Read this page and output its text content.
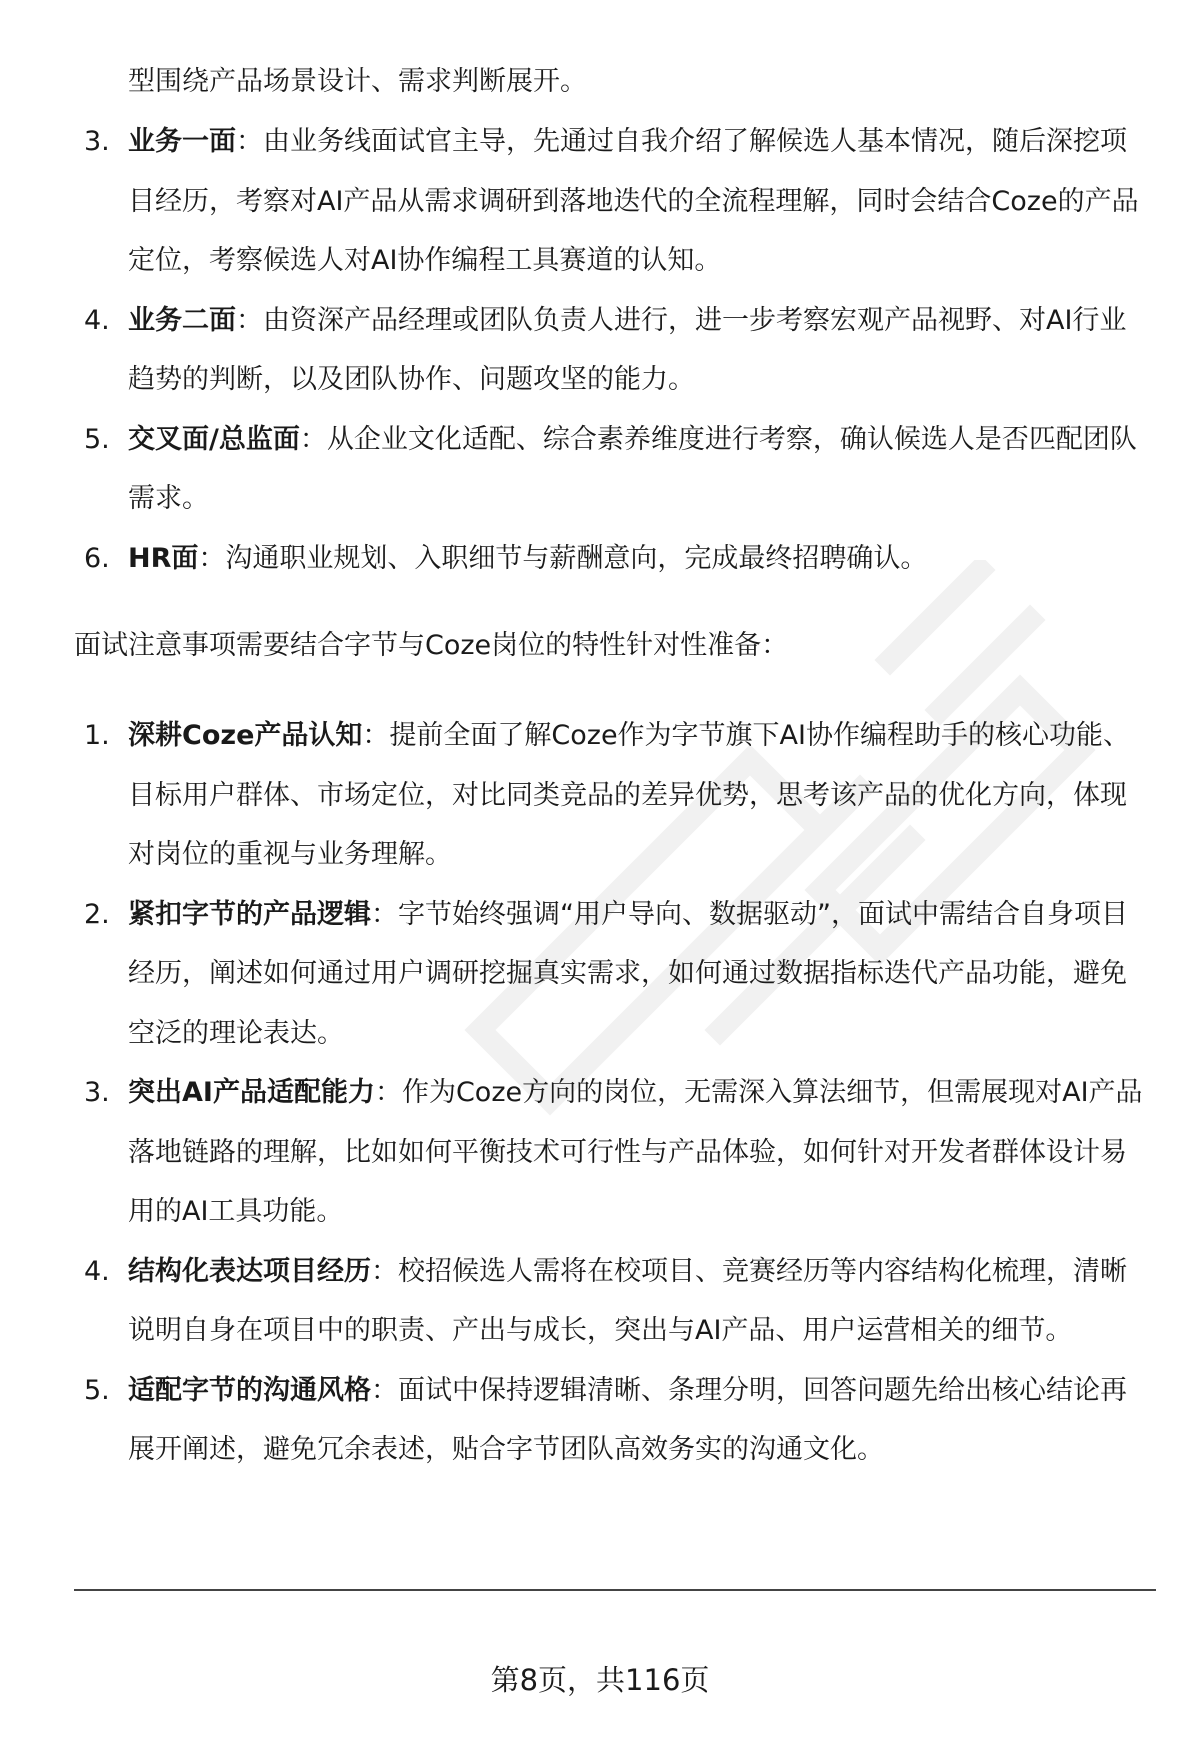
型围绕产品场景设计、需求判断展开。
3. 业务一面：由业务线面试官主导，先通过自我介绍了解候选人基本情况，随后深挖项目经历，考察对AI产品从需求调研到落地迭代的全流程理解，同时会结合Coze的产品定位，考察候选人对AI协作编程工具赛道的认知。
4. 业务二面：由资深产品经理或团队负责人进行，进一步考察宏观产品视野、对AI行业趋势的判断，以及团队协作、问题攻坚的能力。
5. 交叉面/总监面：从企业文化适配、综合素养维度进行考察，确认候选人是否匹配团队需求。
6. HR面：沟通职业规划、入职细节与薪酬意向，完成最终招聘确认。
面试注意事项需要结合字节与Coze岗位的特性针对性准备：
1. 深耕Coze产品认知：提前全面了解Coze作为字节旗下AI协作编程助手的核心功能、目标用户群体、市场定位，对比同类竞品的差异优势，思考该产品的优化方向，体现对岗位的重视与业务理解。
2. 紧扣字节的产品逻辑：字节始终强调“用户导向、数据驱动”，面试中需结合自身项目经历，阐述如何通过用户调研挖掘真实需求，如何通过数据指标迭代产品功能，避免空泛的理论表达。
3. 突出AI产品适配能力：作为Coze方向的岗位，无需深入算法细节，但需展现对AI产品落地链路的理解，比如如何平衡技术可行性与产品体验，如何针对开发者群体设计易用的AI工具功能。
4. 结构化表达项目经历：校招候选人需将在校项目、竞赛经历等内容结构化梳理，清晰说明自身在项目中的职责、产出与成长，突出与AI产品、用户运营相关的细节。
5. 适配字节的沟通风格：面试中保持逻辑清晰、条理分明，回答问题先给出核心结论再展开阐述，避免冗余表述，贴合字节团队高效务实的沟通文化。
第8页，共116页
